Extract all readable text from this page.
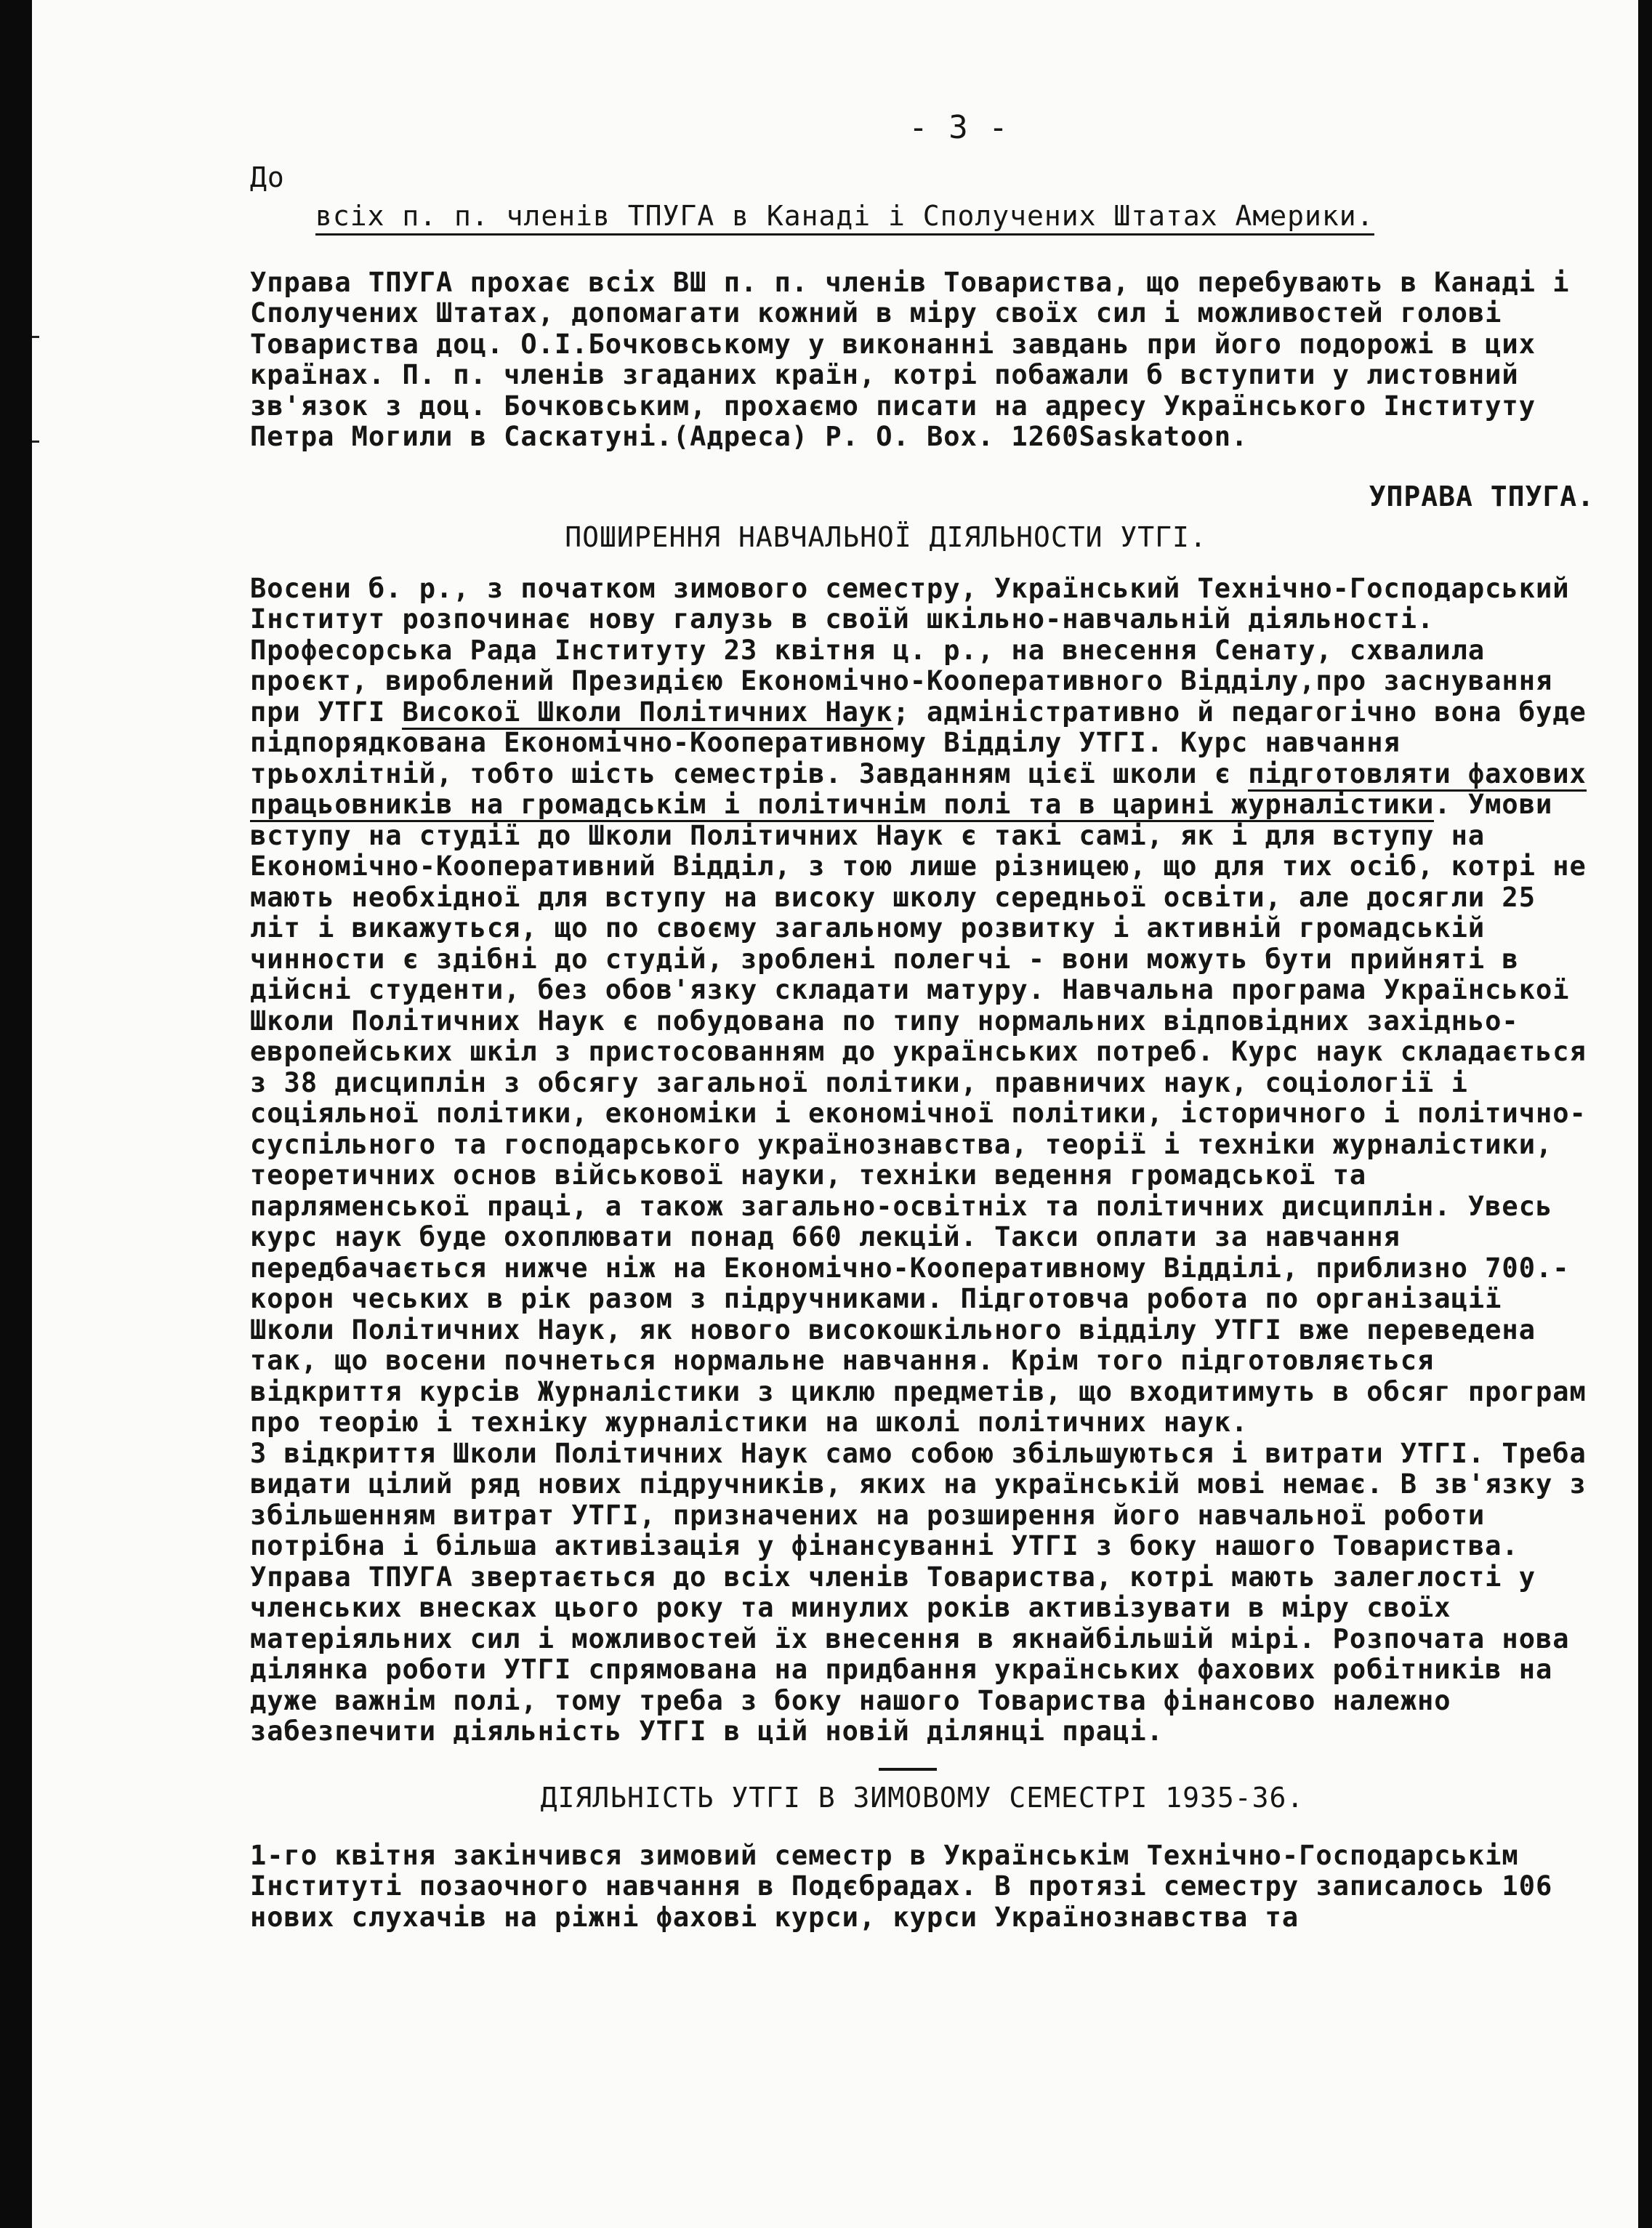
- 3 -
До
всіх п. п. членів ТПУГА в Канаді і Сполучених Штатах Америки.

Управа ТПУГА прохає всіх ВШ п. п. членів Товариства, що перебувають в Канаді і Сполучених Штатах, допомагати кожний в міру своїх сил і можливостей голові Товариства доц. О.І.Бочковському у виконанні завдань при його подорожі в цих країнах. П. п. членів згаданих країн, котрі побажали б вступити у листовний зв'язок з доц. Бочковським, прохаємо писати на адресу Українського Інституту Петра Могили в Саскатуні.(Адреса) P. O. Box. 1260Saskatoon.

УПРАВА ТПУГА.
ПОШИРЕННЯ НАВЧАЛЬНОЇ ДІЯЛЬНОСТИ УТГІ.

Восени б. р., з початком зимового семестру, Український Технічно-Господарський Інститут розпочинає нову галузь в своїй шкільно-навчальній діяльності. Професорська Рада Інституту 23 квітня ц. р., на внесення Сенату, схвалила проєкт, вироблений Президією Економічно-Кооперативного Відділу,про заснування при УТГІ Високої Школи Політичних Наук; адміністративно й педагогічно вона буде підпорядкована Економічно-Кооперативному Відділу УТГІ. Курс навчання трьохлітній, тобто шість семестрів. Завданням цієї школи є підготовляти фахових працьовників на громадськім і політичнім полі та в царині журналістики. Умови вступу на студії до Школи Політичних Наук є такі самі, як і для вступу на Економічно-Кооперативний Відділ, з тою лише різницею, що для тих осіб, котрі не мають необхідної для вступу на високу школу середньої освіти, але досягли 25 літ і викажуться, що по своєму загальному розвитку і активній громадській чинности є здібні до студій, зроблені полегчі - вони можуть бути прийняті в дійсні студенти, без обов'язку складати матуру. Навчальна програма Української Школи Політичних Наук є побудована по типу нормальних відповідних західньо-европейських шкіл з пристосованням до українських потреб. Курс наук складається з 38 дисциплін з обсягу загальної політики, правничих наук, соціології і соціяльної політики, економіки і економічної політики, історичного і політично- суспільного та господарського українознавства, теорії і техніки журналістики, теоретичних основ військової науки, техніки ведення громадської та парляменської праці, а також загально-освітніх та політичних дисциплін. Увесь курс наук буде охоплювати понад 660 лекцій. Такси оплати за навчання передбачається нижче ніж на Економічно-Кооперативному Відділі, приблизно 700.- корон чеських в рік разом з підручниками. Підготовча робота по організації Школи Політичних Наук, як нового високошкільного відділу УТГІ вже переведена так, що восени почнеться нормальне навчання. Крім того підготовляється відкриття курсів Журналістики з циклю предметів, що входитимуть в обсяг програм про теорію і техніку журналістики на школі політичних наук.

З відкриття Школи Політичних Наук само собою збільшуються і витрати УТГІ. Треба видати цілий ряд нових підручників, яких на українській мові немає. В зв'язку з збільшенням витрат УТГІ, призначених на розширення його навчальної роботи потрібна і більша активізація у фінансуванні УТГІ з боку нашого Товариства. Управа ТПУГА звертається до всіх членів Товариства, котрі мають залеглості у членських внесках цього року та минулих років активізувати в міру своїх матеріяльних сил і можливостей їх внесення в якнайбільшій мірі. Розпочата нова ділянка роботи УТГІ спрямована на придбання українських фахових робітників на дуже важнім полі, тому треба з боку нашого Товариства фінансово належно забезпечити діяльність УТГІ в цій новій ділянці праці.

ДІЯЛЬНІСТЬ УТГІ В ЗИМОВОМУ СЕМЕСТРІ 1935-36.

1-го квітня закінчився зимовий семестр в Українськім Технічно-Господарськім Інституті позаочного навчання в Подєбрадах. В протязі семестру записалось 106 нових слухачів на ріжні фахові курси, курси Українознавства та
